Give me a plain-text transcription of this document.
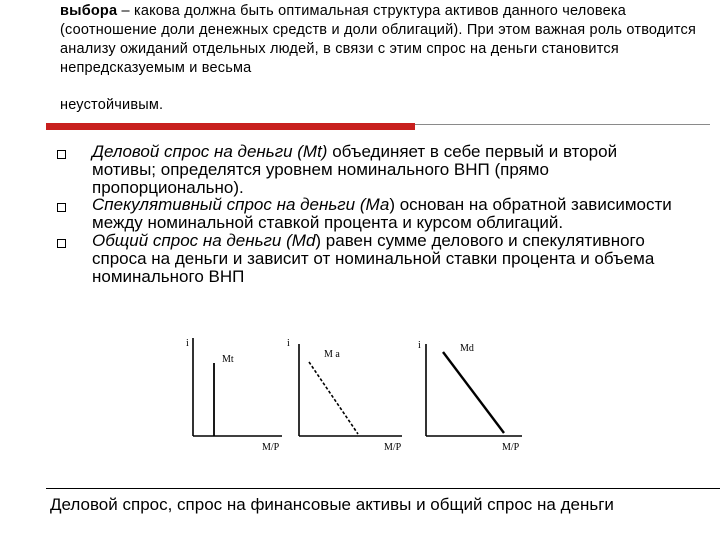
выбора – какова должна быть оптимальная структура активов данного человека (соотношение доли денежных средств и доли облигаций). При этом важная роль отводится анализу ожиданий отдельных людей, в связи с этим спрос на деньги становится непредсказуемым и весьма
неустойчивым.
Деловой спрос на деньги (Mt) объединяет в себе первый и второй мотивы; определятся уровнем номинального ВНП (прямо пропорционально).
Спекулятивный спрос на деньги (Ма) основан на обратной зависимости между номинальной ставкой процента и курсом облигаций.
Общий спрос на деньги (Md) равен сумме делового и спекулятивного спроса на деньги и зависит от номинальной ставки процента и объема номинального ВНП
i
Mt
M/P
i
M a
M/P
i	Md
M/P
Деловой спрос, спрос на финансовые активы и общий спрос на деньги
